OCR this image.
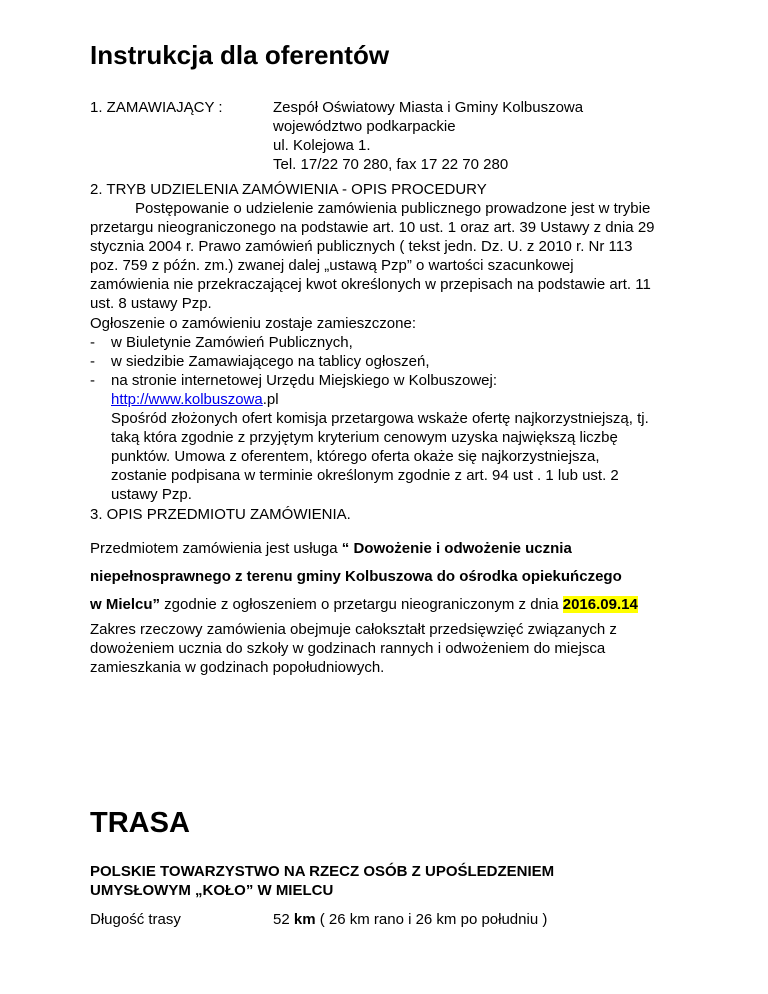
Instrukcja dla oferentów
1. ZAMAWIAJĄCY :	Zespół Oświatowy Miasta i Gminy Kolbuszowa
województwo podkarpackie
ul. Kolejowa 1.
Tel. 17/22 70 280, fax 17 22 70 280
2. TRYB UDZIELENIA ZAMÓWIENIA - OPIS PROCEDURY
Postępowanie o udzielenie zamówienia publicznego prowadzone jest w trybie
przetargu nieograniczonego na podstawie art. 10 ust. 1 oraz art. 39 Ustawy z dnia 29
stycznia 2004 r. Prawo zamówień publicznych ( tekst jedn. Dz. U. z 2010 r. Nr 113
poz. 759 z późn. zm.) zwanej dalej „ustawą Pzp” o wartości szacunkowej
zamówienia nie przekraczającej kwot określonych w przepisach na podstawie art. 11
ust. 8 ustawy Pzp.
Ogłoszenie o zamówieniu zostaje zamieszczone:
- w Biuletynie Zamówień Publicznych,
- w siedzibie Zamawiającego na tablicy ogłoszeń,
- na stronie internetowej Urzędu Miejskiego w Kolbuszowej:
http://www.kolbuszowa.pl
Spośród złożonych ofert komisja przetargowa wskaże ofertę najkorzystniejszą, tj.
taką która zgodnie z przyjętym kryterium cenowym uzyska największą liczbę
punktów. Umowa z oferentem, którego oferta okaże się najkorzystniejsza,
zostanie podpisana w terminie określonym zgodnie z art. 94 ust . 1 lub ust. 2
ustawy Pzp.
3. OPIS PRZEDMIOTU ZAMÓWIENIA.
Przedmiotem zamówienia jest usługa “ Dowożenie i odwożenie ucznia
niepełnosprawnego z terenu gminy Kolbuszowa do ośrodka opiekuńczego
w Mielcu” zgodnie z ogłoszeniem o przetargu nieograniczonym z dnia 2016.09.14
Zakres rzeczowy zamówienia obejmuje całokształt przedsięwzięć związanych z
dowożeniem ucznia do szkoły w godzinach rannych i odwożeniem do miejsca
zamieszkania w godzinach popołudniowych.
TRASA
POLSKIE TOWARZYSTWO NA RZECZ OSÓB Z UPOŚLEDZENIEM
UMYSŁOWYM „KOŁO” W MIELCU
Długość trasy	52 km ( 26 km rano i 26 km po południu )
